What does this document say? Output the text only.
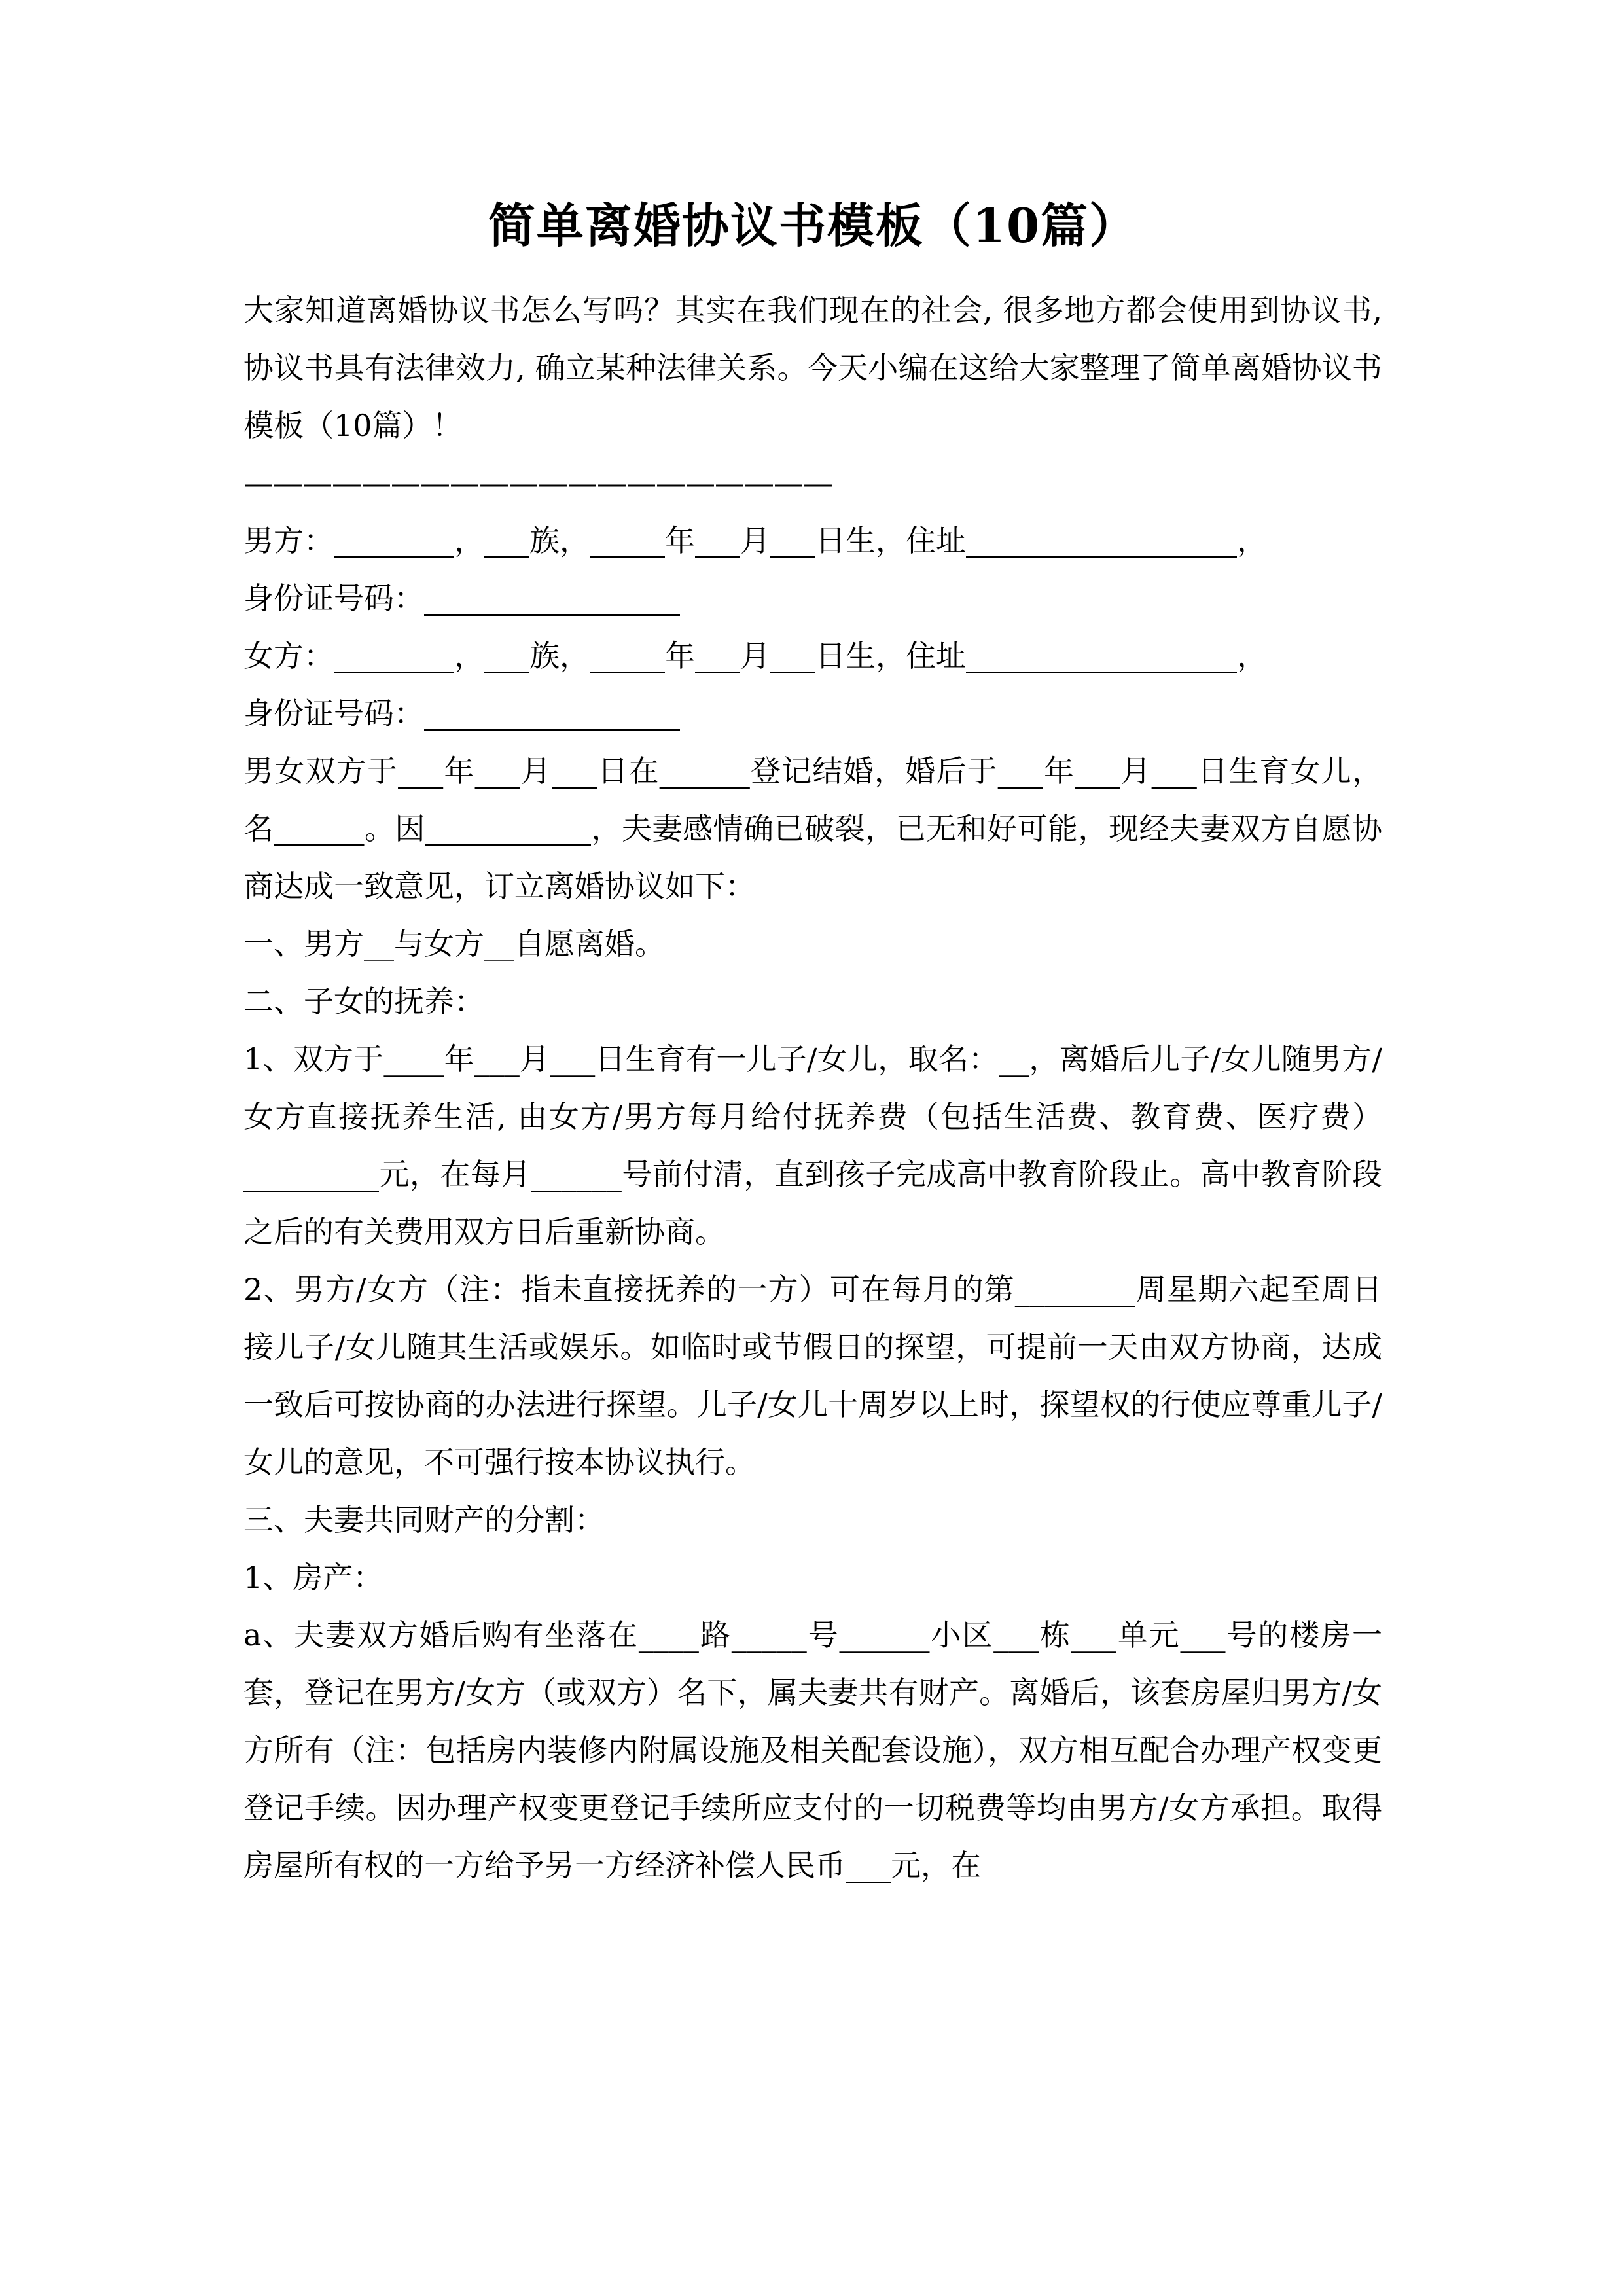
简单离婚协议书模板（10篇）

大家知道离婚协议书怎么写吗？其实在我们现在的社会, 很多地方都会使用到协议书, 协议书具有法律效力, 确立某种法律关系。今天小编在这给大家整理了简单离婚协议书模板（10篇）！

————————————————————

男方：________，___族，_____年___月___日生，住址__________________，

身份证号码：_________________

女方：________，___族，_____年___月___日生，住址__________________，

身份证号码：_________________

男女双方于___年___月___日在______登记结婚，婚后于___年___月___日生育女儿，名______。因___________，夫妻感情确已破裂，已无和好可能，现经夫妻双方自愿协商达成一致意见，订立离婚协议如下：

一、男方__与女方__自愿离婚。

二、子女的抚养：

1、双方于____年___月___日生育有一儿子/女儿，取名：__，离婚后儿子/女儿随男方/女方直接抚养生活, 由女方/男方每月给付抚养费（包括生活费、教育费、医疗费）_________元，在每月______号前付清，直到孩子完成高中教育阶段止。高中教育阶段之后的有关费用双方日后重新协商。

2、男方/女方（注：指未直接抚养的一方）可在每月的第________周星期六起至周日接儿子/女儿随其生活或娱乐。如临时或节假日的探望，可提前一天由双方协商，达成一致后可按协商的办法进行探望。儿子/女儿十周岁以上时，探望权的行使应尊重儿子/女儿的意见，不可强行按本协议执行。

三、夫妻共同财产的分割：

1、房产：

a、夫妻双方婚后购有坐落在____路_____号______小区___栋___单元___号的楼房一套，登记在男方/女方（或双方）名下，属夫妻共有财产。离婚后，该套房屋归男方/女方所有（注：包括房内装修内附属设施及相关配套设施），双方相互配合办理产权变更登记手续。因办理产权变更登记手续所应支付的一切税费等均由男方/女方承担。取得房屋所有权的一方给予另一方经济补偿人民币___元，在
